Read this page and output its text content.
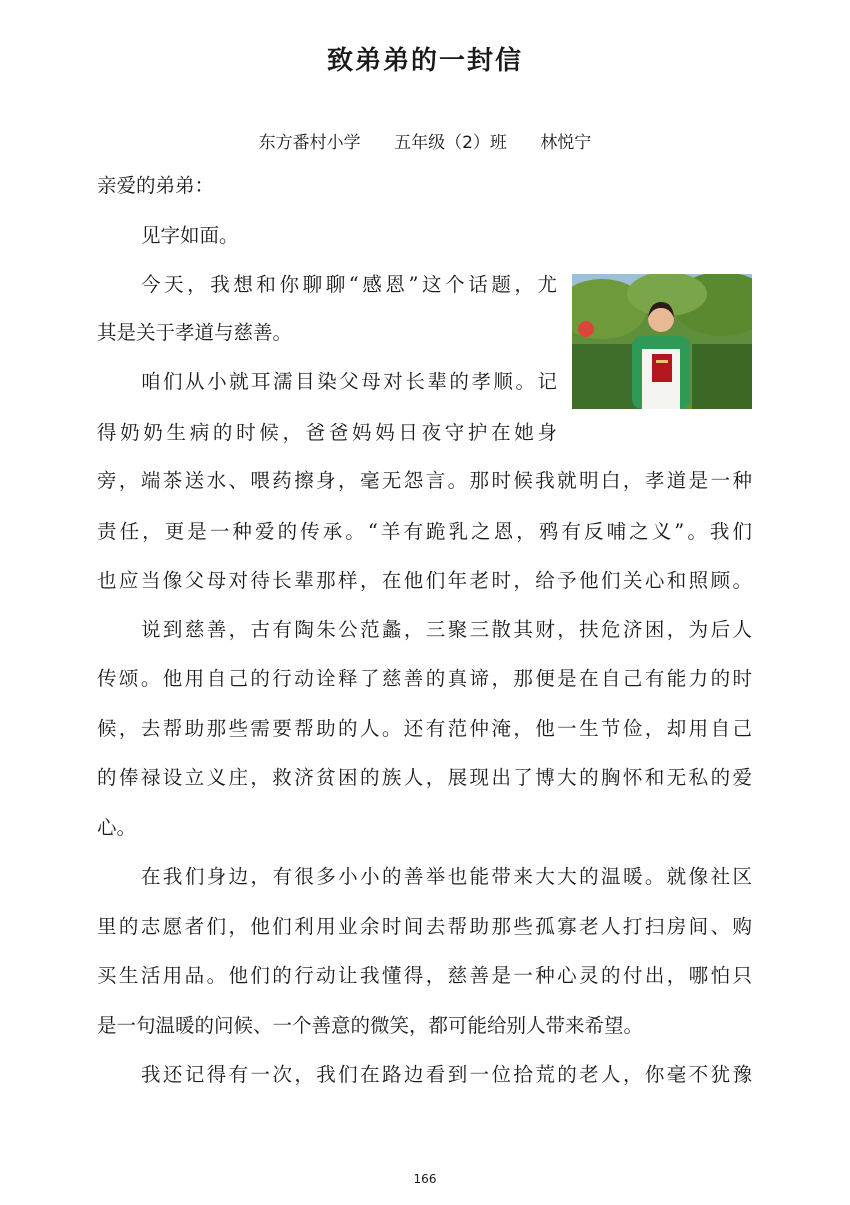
致弟弟的一封信
东方番村小学 五年级（2）班 林悦宁
亲爱的弟弟：
见字如面。
今天，我想和你聊聊“感恩”这个话题，尤
其是关于孝道与慈善。
咱们从小就耳濡目染父母对长辈的孝顺。记
得奶奶生病的时候，爸爸妈妈日夜守护在她身
旁，端茶送水、喂药擦身，毫无怨言。那时候我就明白，孝道是一种
责任，更是一种爱的传承。“羊有跪乳之恩，鸦有反哺之义”。我们
也应当像父母对待长辈那样，在他们年老时，给予他们关心和照顾。
说到慈善，古有陶朱公范蠡，三聚三散其财，扶危济困，为后人
传颂。他用自己的行动诠释了慈善的真谛，那便是在自己有能力的时
候，去帮助那些需要帮助的人。还有范仲淹，他一生节俭，却用自己
的俸禄设立义庄，救济贫困的族人，展现出了博大的胸怀和无私的爱
心。
在我们身边，有很多小小的善举也能带来大大的温暖。就像社区
里的志愿者们，他们利用业余时间去帮助那些孤寡老人打扫房间、购
买生活用品。他们的行动让我懂得，慈善是一种心灵的付出，哪怕只
是一句温暖的问候、一个善意的微笑，都可能给别人带来希望。
我还记得有一次，我们在路边看到一位拾荒的老人，你毫不犹豫
166
